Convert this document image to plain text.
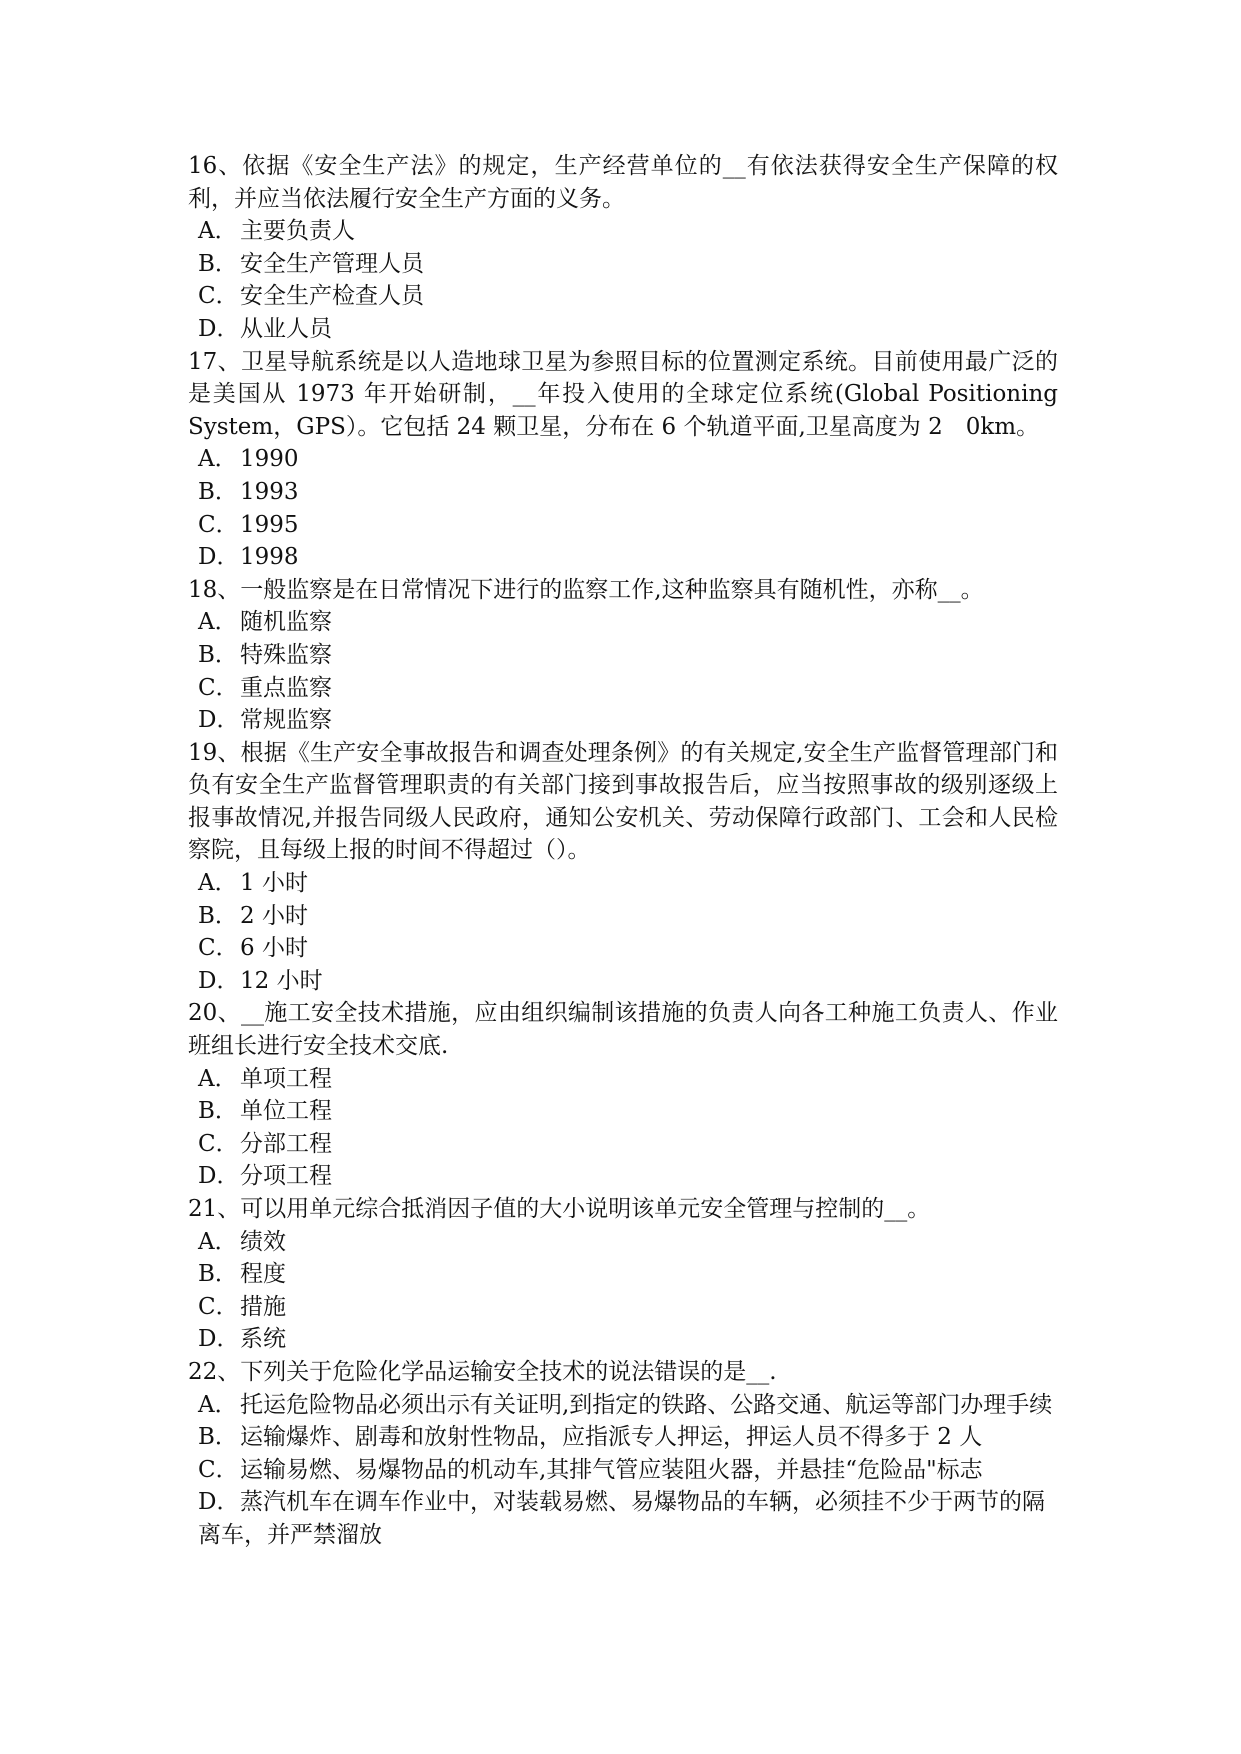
16、依据《安全生产法》的规定，生产经营单位的__有依法获得安全生产保障的权利，并应当依法履行安全生产方面的义务。

A． 主要负责人

B．安全生产管理人员

C．安全生产检查人员

D．从业人员

17、卫星导航系统是以人造地球卫星为参照目标的位置测定系统。目前使用最广泛的是美国从 1973 年开始研制，__年投入使用的全球定位系统(Global Positioning System，GPS）。它包括 24 颗卫星，分布在 6 个轨道平面,卫星高度为 2　0km。

A． 1990

B．1993

C．1995

D．1998

18、一般监察是在日常情况下进行的监察工作,这种监察具有随机性，亦称__。

A． 随机监察

B．特殊监察

C．重点监察

D．常规监察

19、根据《生产安全事故报告和调查处理条例》的有关规定,安全生产监督管理部门和负有安全生产监督管理职责的有关部门接到事故报告后，应当按照事故的级别逐级上报事故情况,并报告同级人民政府，通知公安机关、劳动保障行政部门、工会和人民检察院，且每级上报的时间不得超过（）。

A． 1 小时

B．2 小时

C．6 小时

D．12 小时

20、__施工安全技术措施，应由组织编制该措施的负责人向各工种施工负责人、作业班组长进行安全技术交底.

A． 单项工程

B．单位工程

C．分部工程

D．分项工程

21、可以用单元综合抵消因子值的大小说明该单元安全管理与控制的__。

A． 绩效

B．程度

C．措施

D．系统

22、下列关于危险化学品运输安全技术的说法错误的是__.

A． 托运危险物品必须出示有关证明,到指定的铁路、公路交通、航运等部门办理手续

B．运输爆炸、剧毒和放射性物品，应指派专人押运，押运人员不得多于 2 人

C．运输易燃、易爆物品的机动车,其排气管应装阻火器，并悬挂“危险品"标志

D．蒸汽机车在调车作业中，对装载易燃、易爆物品的车辆，必须挂不少于两节的隔离车，并严禁溜放
